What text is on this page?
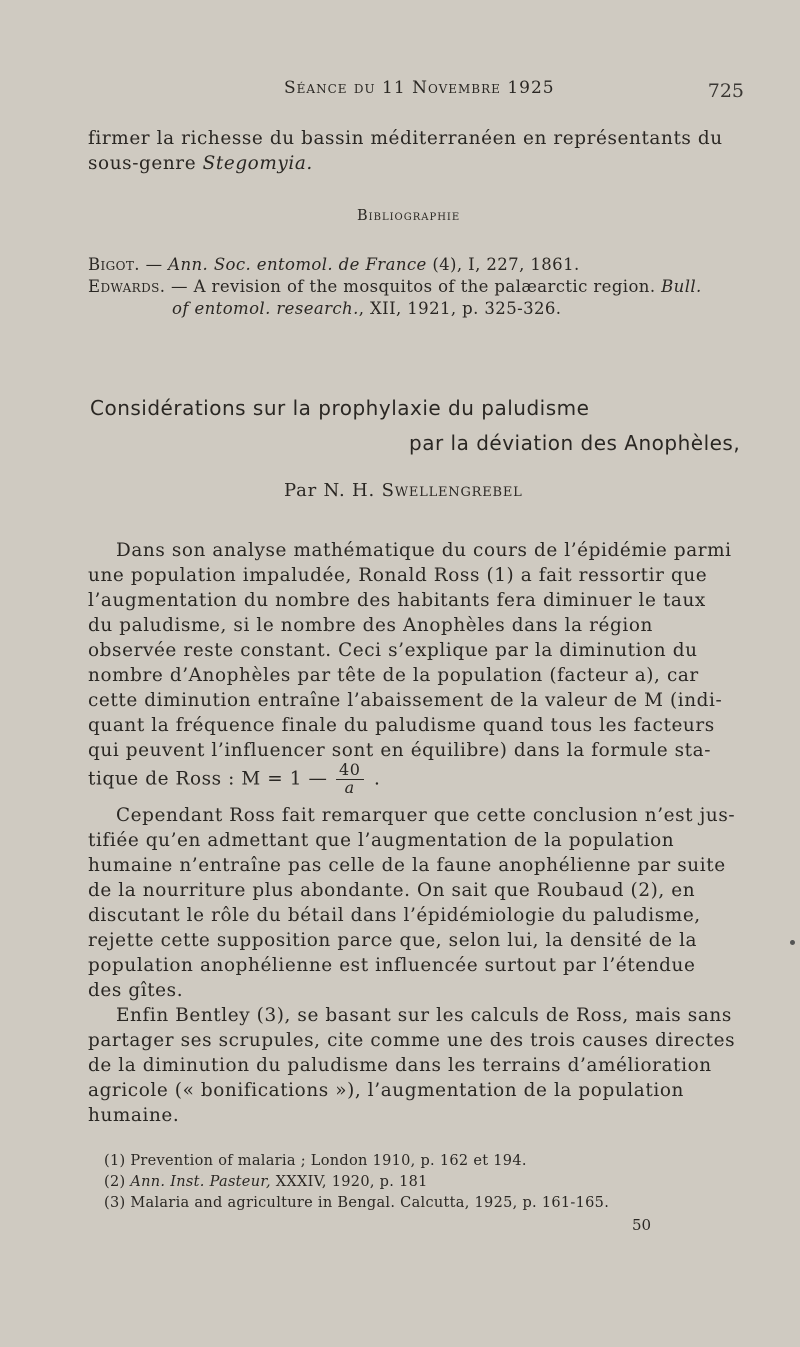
Séance du 11 Novembre 1925	725
firmer la richesse du bassin méditerranéen en représentants du
sous-genre Stegomyia.
Bibliographie
Bigot. — Ann. Soc. entomol. de France (4), I, 227, 1861.
Edwards. — A revision of the mosquitos of the palæarctic region. Bull.
of entomol. research., XII, 1921, p. 325-326.
Considérations sur la prophylaxie du paludisme
par la déviation des Anophèles,
Par N. H. Swellengrebel
Dans son analyse mathématique du cours de l’épidémie parmi
une population impaludée, Ronald Ross (1) a fait ressortir que
l’augmentation du nombre des habitants fera diminuer le taux
du paludisme, si le nombre des Anophèles dans la région
observée reste constant. Ceci s’explique par la diminution du
nombre d’Anophèles par tête de la population (facteur a), car
cette diminution entraîne l’abaissement de la valeur de M (indi-
quant la fréquence finale du paludisme quand tous les facteurs
qui peuvent l’influencer sont en équilibre) dans la formule sta-
tique de Ross : M = 1 — $\frac{40}{a}$ .
Cependant Ross fait remarquer que cette conclusion n’est jus-
tifiée qu’en admettant que l’augmentation de la population
humaine n’entraîne pas celle de la faune anophélienne par suite
de la nourriture plus abondante. On sait que Roubaud (2), en
discutant le rôle du bétail dans l’épidémiologie du paludisme,
rejette cette supposition parce que, selon lui, la densité de la
population anophélienne est influencée surtout par l’étendue
des gîtes.
Enfin Bentley (3), se basant sur les calculs de Ross, mais sans
partager ses scrupules, cite comme une des trois causes directes
de la diminution du paludisme dans les terrains d’amélioration
agricole (« bonifications »), l’augmentation de la population
humaine.
(1) Prevention of malaria ; London 1910, p. 162 et 194.
(2) Ann. Inst. Pasteur, XXXIV, 1920, p. 181
(3) Malaria and agriculture in Bengal. Calcutta, 1925, p. 161-165.
50
